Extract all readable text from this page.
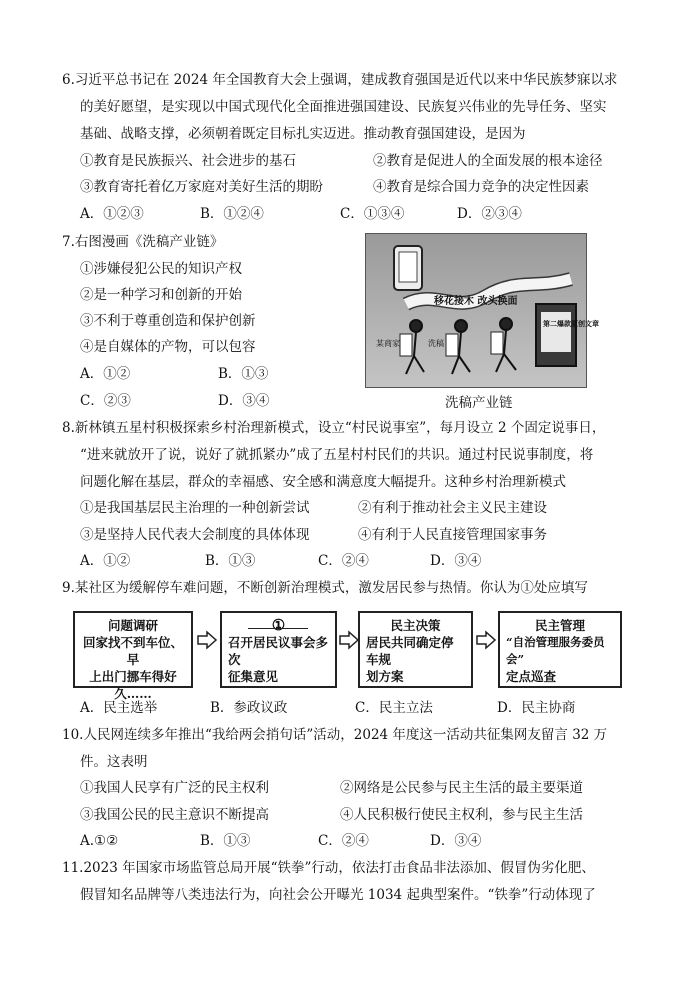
6.习近平总书记在 2024 年全国教育大会上强调，建成教育强国是近代以来中华民族梦寐以求
的美好愿望，是实现以中国式现代化全面推进强国建设、民族复兴伟业的先导任务、坚实
基础、战略支撑，必须朝着既定目标扎实迈进。推动教育强国建设，是因为
①教育是民族振兴、社会进步的基石	②教育是促进人的全面发展的根本途径
③教育寄托着亿万家庭对美好生活的期盼	④教育是综合国力竞争的决定性因素
A．①②③	B．①②④	C．①③④	D．②③④
7.右图漫画《洗稿产业链》
①涉嫌侵犯公民的知识产权
②是一种学习和创新的开始
③不利于尊重创造和保护创新
④是自媒体的产物，可以包容
A．①②	B．①③
C．②③	D．③④
移花接木 改头换面
某商家	洗稿
第二爆款原创文章
洗稿产业链
8.新林镇五星村积极探索乡村治理新模式，设立“村民说事室”，每月设立 2 个固定说事日，
“进来就放开了说，说好了就抓紧办”成了五星村村民们的共识。通过村民说事制度，将
问题化解在基层，群众的幸福感、安全感和满意度大幅提升。这种乡村治理新模式
①是我国基层民主治理的一种创新尝试	②有利于推动社会主义民主建设
③是坚持人民代表大会制度的具体体现	④有利于人民直接管理国家事务
A．①②	B．①③	C．②④	D．③④
9.某社区为缓解停车难问题，不断创新治理模式，激发居民参与热情。你认为①处应填写
问题调研
回家找不到车位、早
上出门挪车得好久……
①
召开居民议事会多次
征集意见
民主决策
居民共同确定停车规
划方案
民主管理
“自治管理服务委员会”
定点巡查
A．民主选举	B．参政议政	C．民主立法	D．民主协商
10.人民网连续多年推出“我给两会捎句话”活动，2024 年度这一活动共征集网友留言 32 万
件。这表明
①我国人民享有广泛的民主权利	②网络是公民参与民主生活的最主要渠道
③我国公民的民主意识不断提高	④人民积极行使民主权利，参与民主生活
A.①②	B．①③	C．②④	D．③④
11.2023 年国家市场监管总局开展“铁拳”行动，依法打击食品非法添加、假冒伪劣化肥、
假冒知名品牌等八类违法行为，向社会公开曝光 1034 起典型案件。“铁拳”行动体现了
